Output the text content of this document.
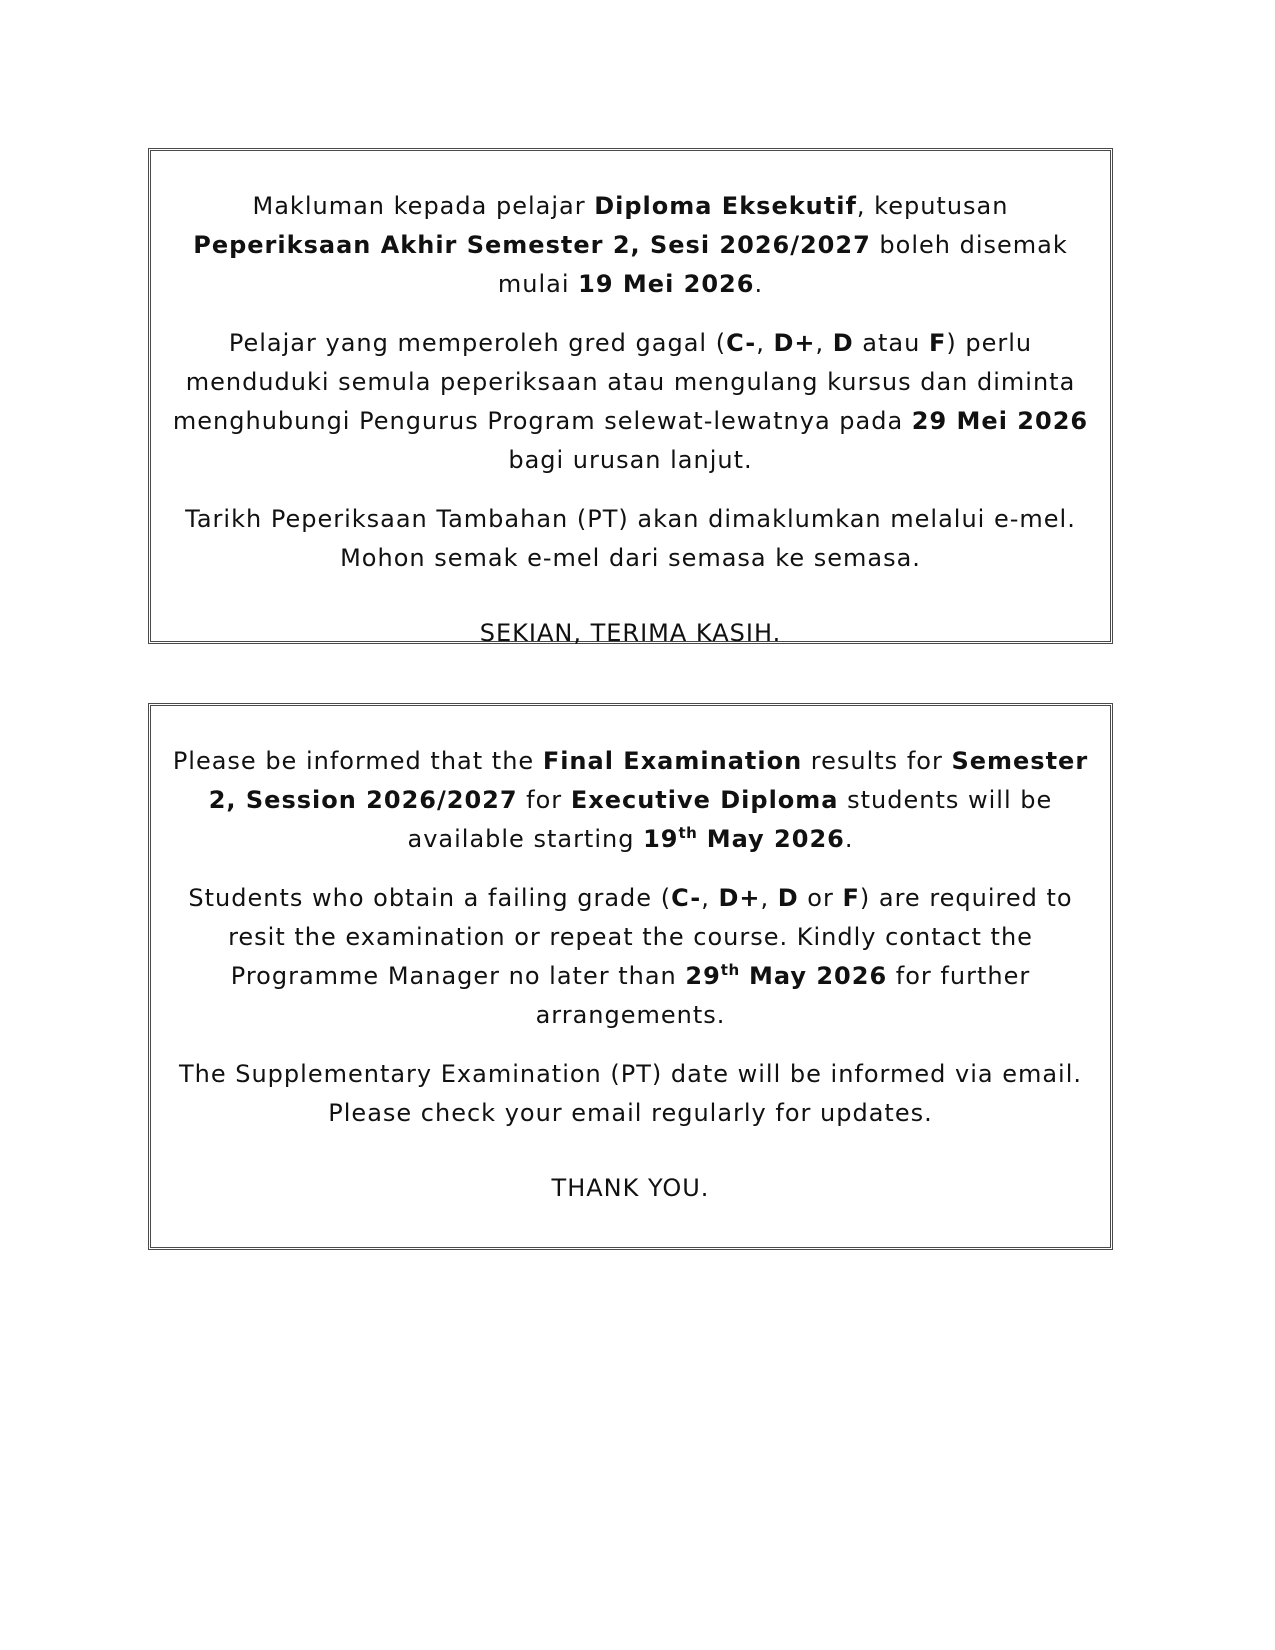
Makluman kepada pelajar Diploma Eksekutif, keputusan Peperiksaan Akhir Semester 2, Sesi 2026/2027 boleh disemak mulai 19 Mei 2026.

Pelajar yang memperoleh gred gagal (C-, D+, D atau F) perlu menduduki semula peperiksaan atau mengulang kursus dan diminta menghubungi Pengurus Program selewat-lewatnya pada 29 Mei 2026 bagi urusan lanjut.

Tarikh Peperiksaan Tambahan (PT) akan dimaklumkan melalui e-mel. Mohon semak e-mel dari semasa ke semasa.

SEKIAN, TERIMA KASIH.

Please be informed that the Final Examination results for Semester 2, Session 2026/2027 for Executive Diploma students will be available starting 19th May 2026.

Students who obtain a failing grade (C-, D+, D or F) are required to resit the examination or repeat the course. Kindly contact the Programme Manager no later than 29th May 2026 for further arrangements.

The Supplementary Examination (PT) date will be informed via email. Please check your email regularly for updates.

THANK YOU.
